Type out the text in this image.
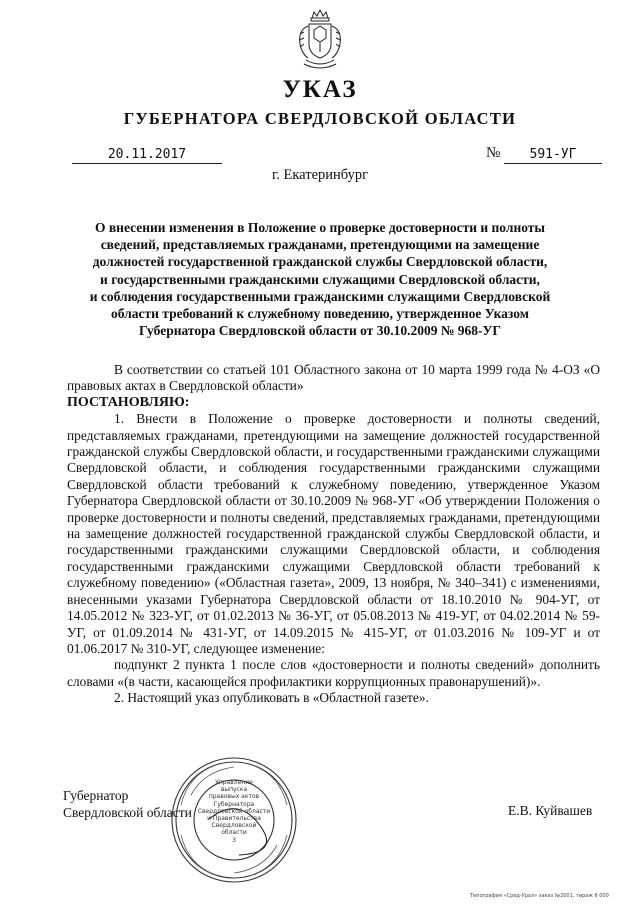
УКАЗ
ГУБЕРНАТОРА СВЕРДЛОВСКОЙ ОБЛАСТИ
20.11.2017	№	591-УГ
г. Екатеринбург
О внесении изменения в Положение о проверке достоверности и полноты
сведений, представляемых гражданами, претендующими на замещение
должностей государственной гражданской службы Свердловской области,
и государственными гражданскими служащими Свердловской области,
и соблюдения государственными гражданскими служащими Свердловской
области требований к служебному поведению, утвержденное Указом
Губернатора Свердловской области от 30.10.2009 № 968-УГ

В соответствии со статьей 101 Областного закона от 10 марта 1999 года № 4-ОЗ «О правовых актах в Свердловской области»

ПОСТАНОВЛЯЮ:

1. Внести в Положение о проверке достоверности и полноты сведений, представляемых гражданами, претендующими на замещение должностей государственной гражданской службы Свердловской области, и государственными гражданскими служащими Свердловской области, и соблюдения государственными гражданскими служащими Свердловской области требований к служебному поведению, утвержденное Указом Губернатора Свердловской области от 30.10.2009 № 968-УГ «Об утверждении Положения о проверке достоверности и полноты сведений, представляемых гражданами, претендующими на замещение должностей государственной гражданской службы Свердловской области, и государственными гражданскими служащими Свердловской области, и соблюдения государственными гражданскими служащими Свердловской области требований к служебному поведению» («Областная газета», 2009, 13 ноября, № 340–341) с изменениями, внесенными указами Губернатора Свердловской области от 18.10.2010 № 904-УГ, от 14.05.2012 № 323-УГ, от 01.02.2013 № 36-УГ, от 05.08.2013 № 419-УГ, от 04.02.2014 № 59-УГ, от 01.09.2014 № 431-УГ, от 14.09.2015 № 415-УГ, от 01.03.2016 № 109-УГ и от 01.06.2017 № 310-УГ, следующее изменение:

подпункт 2 пункта 1 после слов «достоверности и полноты сведений» дополнить словами «(в части, касающейся профилактики коррупционных правонарушений)».

2. Настоящий указ опубликовать в «Областной газете».

Губернатор
Свердловской области	Е.В. Куйвашев
Управление
выпуска
правовых актов
Губернатора
Свердловской области
и Правительства
Свердловской
области
3
Типография «Сред-Урал» заказ №2001, тираж 6 000
